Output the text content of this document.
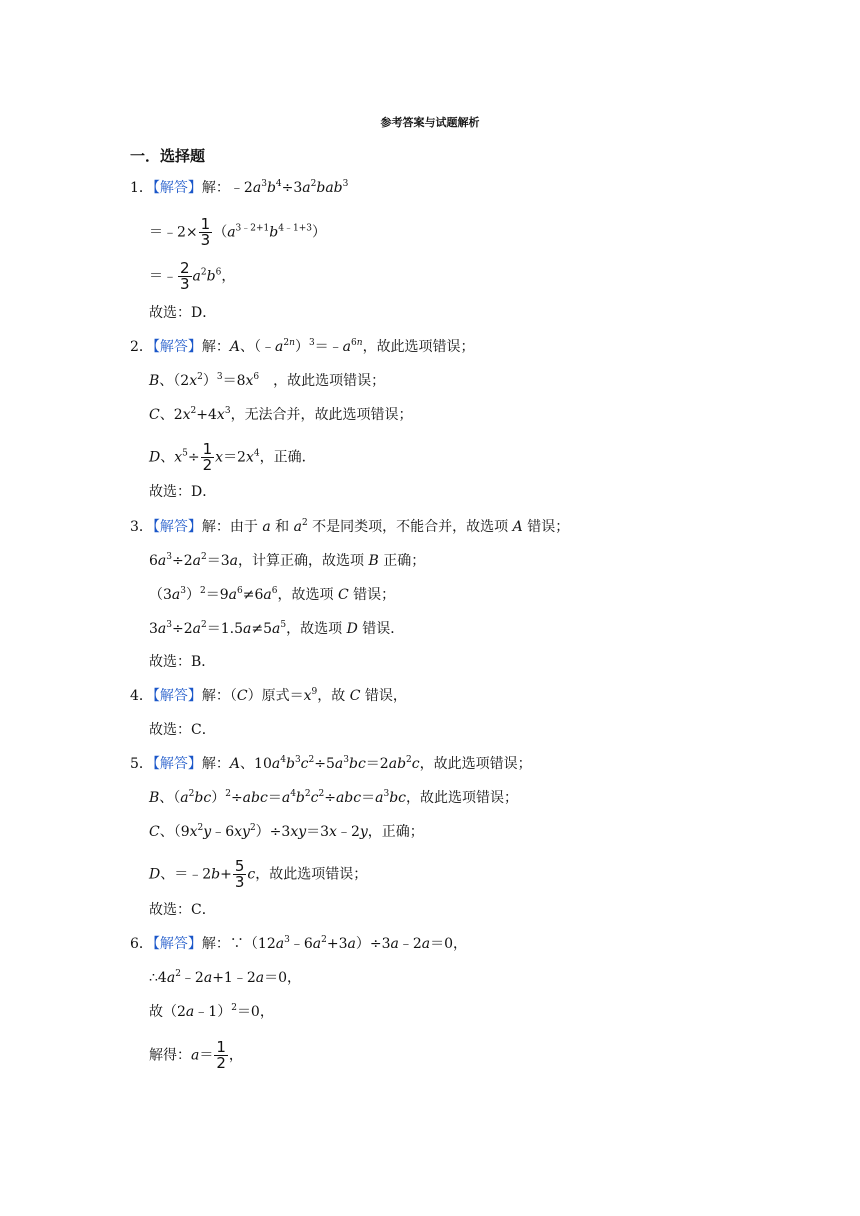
参考答案与试题解析
一．选择题
1．【解答】解：$﹣2a^3b^4\div 3a^2bab^3$
＝﹣2× $\frac{1}{3} (a^{3﹣2+1}b^{4﹣1+3})$
＝﹣ $\frac{2}{3} a^2b^6$，
故选：D．
2．【解答】解：A、$(﹣a^{2n})^3=﹣a^{6n}$，故此选项错误；
B、$(2x^2)^3=8x^6$　，故此选项错误；
C、$2x^2+4x^3$，无法合并，故此选项错误；
D、$x^5\div \frac{1}{2} x=2x^4$，正确．
故选：D．
3．【解答】解：由于 a 和 $a^2$ 不是同类项，不能合并，故选项 A 错误；
$6a^3\div 2a^2=3a$，计算正确，故选项 B 正确；
$(3a^3)^2=9a^6\ne 6a^6$，故选项 C 错误；
$3a^3\div 2a^2=1.5a\ne 5a^5$，故选项 D 错误．
故选：B．
4．【解答】解：（C）原式$=x^9$，故 C 错误，
故选：C．
5．【解答】解：A、$10a^4b^3c^2\div 5a^3bc=2ab^2c$，故此选项错误；
B、$(a^2bc)^2\div abc=a^4b^2c^2\div abc=a^3bc$，故此选项错误；
C、$(9x^2y﹣6xy^2)\div 3xy=3x﹣2y$，正确；
D、＝﹣2b+ $\frac{5}{3}$ c，故此选项错误；
故选：C．
6．【解答】解：$\because(12a^3﹣6a^2+3a)\div 3a﹣2a=0$，
$\therefore 4a^2﹣2a+1﹣2a=0$，
故（2a﹣1）$^2$＝0，
解得：$a= \frac{1}{2}$ ，
